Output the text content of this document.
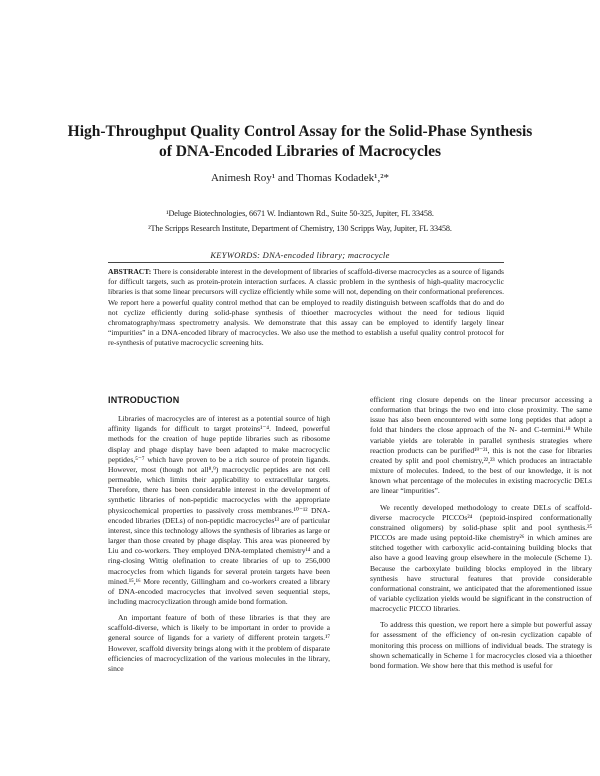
High-Throughput Quality Control Assay for the Solid-Phase Synthesis of DNA-Encoded Libraries of Macrocycles
Animesh Roy¹ and Thomas Kodadek¹,²*
¹Deluge Biotechnologies, 6671 W. Indiantown Rd., Suite 50-325, Jupiter, FL 33458.
²The Scripps Research Institute, Department of Chemistry, 130 Scripps Way, Jupiter, FL 33458.
KEYWORDS: DNA-encoded library; macrocycle
ABSTRACT: There is considerable interest in the development of libraries of scaffold-diverse macrocycles as a source of ligands for difficult targets, such as protein-protein interaction surfaces. A classic problem in the synthesis of high-quality macrocyclic libraries is that some linear precursors will cyclize efficiently while some will not, depending on their conformational preferences. We report here a powerful quality control method that can be employed to readily distinguish between scaffolds that do and do not cyclize efficiently during solid-phase synthesis of thioether macrocycles without the need for tedious liquid chromatography/mass spectrometry analysis. We demonstrate that this assay can be employed to identify largely linear “impurities” in a DNA-encoded library of macrocycles. We also use the method to establish a useful quality control protocol for re-synthesis of putative macrocyclic screening hits.
INTRODUCTION

Libraries of macrocycles are of interest as a potential source of high affinity ligands for difficult to target proteins¹⁻⁴. Indeed, powerful methods for the creation of huge peptide libraries such as ribosome display and phage display have been adapted to make macrocyclic peptides,⁵⁻⁷ which have proven to be a rich source of protein ligands. However, most (though not all⁸,⁹) macrocyclic peptides are not cell permeable, which limits their applicability to extracellular targets. Therefore, there has been considerable interest in the development of synthetic libraries of non-peptidic macrocycles with the appropriate physicochemical properties to passively cross membranes.¹⁰⁻¹² DNA-encoded libraries (DELs) of non-peptidic macrocycles¹³ are of particular interest, since this technology allows the synthesis of libraries as large or larger than those created by phage display. This area was pioneered by Liu and co-workers. They employed DNA-templated chemistry¹⁴ and a ring-closing Wittig olefination to create libraries of up to 256,000 macrocycles from which ligands for several protein targets have been mined.¹⁵,¹⁶ More recently, Gillingham and co-workers created a library of DNA-encoded macrocycles that involved seven sequential steps, including macrocyclization through amide bond formation.

An important feature of both of these libraries is that they are scaffold-diverse, which is likely to be important in order to provide a general source of ligands for a variety of different protein targets.¹⁷ However, scaffold diversity brings along with it the problem of disparate efficiencies of macrocyclization of the various molecules in the library, since

efficient ring closure depends on the linear precursor accessing a conformation that brings the two end into close proximity. The same issue has also been encountered with some long peptides that adopt a fold that hinders the close approach of the N- and C-termini.¹⁸ While variable yields are tolerable in parallel synthesis strategies where reaction products can be purified¹⁹⁻²¹, this is not the case for libraries created by split and pool chemistry,²²,²³ which produces an intractable mixture of molecules. Indeed, to the best of our knowledge, it is not known what percentage of the molecules in existing macrocyclic DELs are linear “impurities”.

We recently developed methodology to create DELs of scaffold-diverse macrocycle PICCOs²⁴ (peptoid-inspired conformationally constrained oligomers) by solid-phase split and pool synthesis.²⁵ PICCOs are made using peptoid-like chemistry²⁶ in which amines are stitched together with carboxylic acid-containing building blocks that also have a good leaving group elsewhere in the molecule (Scheme 1). Because the carboxylate building blocks employed in the library synthesis have structural features that provide considerable conformational constraint, we anticipated that the aforementioned issue of variable cyclization yields would be significant in the construction of macrocyclic PICCO libraries.

To address this question, we report here a simple but powerful assay for assessment of the efficiency of on-resin cyclization capable of monitoring this process on millions of individual beads. The strategy is shown schematically in Scheme 1 for macrocycles closed via a thioether bond formation. We show here that this method is useful for
